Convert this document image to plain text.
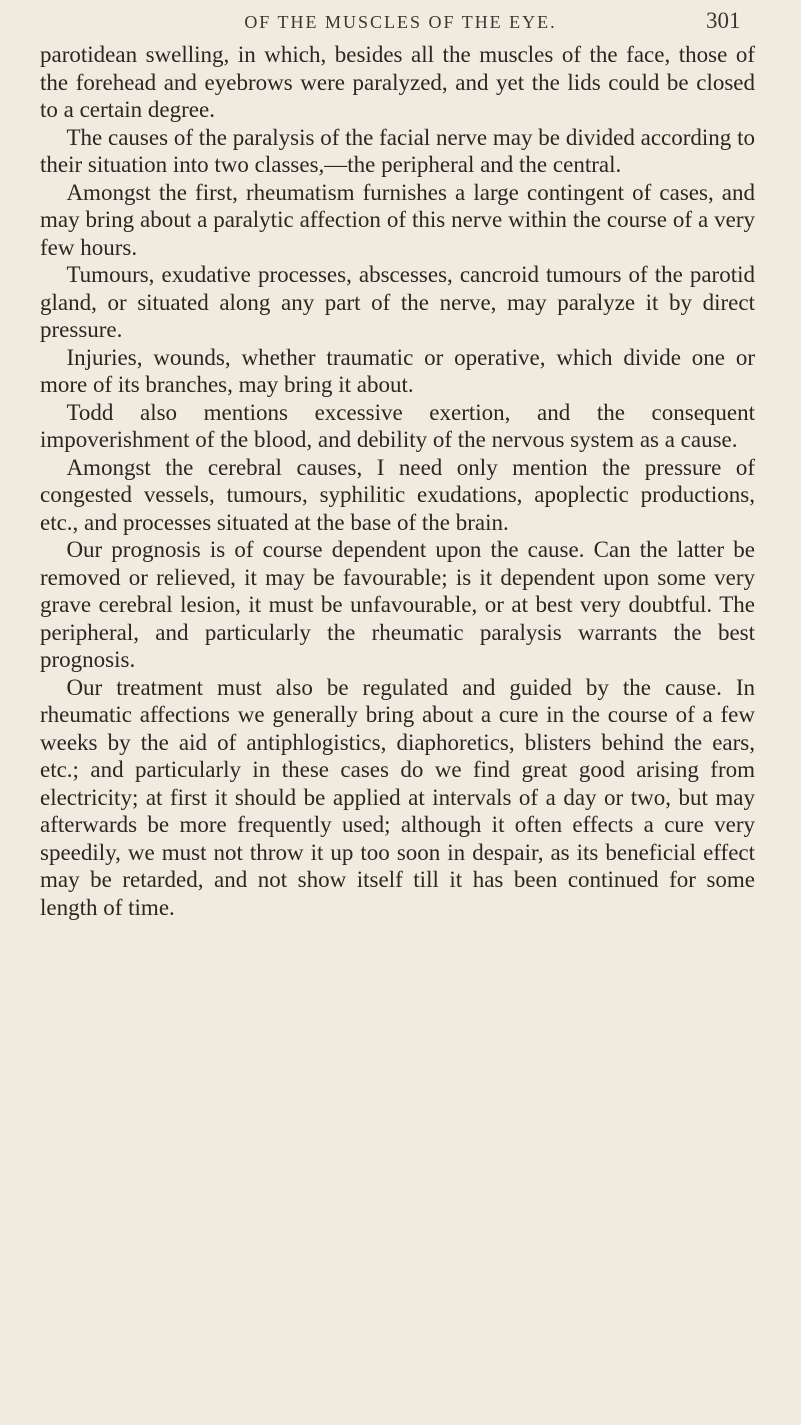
OF THE MUSCLES OF THE EYE.	301

parotidean swelling, in which, besides all the muscles of the face, those of the forehead and eyebrows were paralyzed, and yet the lids could be closed to a certain degree.

The causes of the paralysis of the facial nerve may be divided according to their situation into two classes,—the peripheral and the central.

Amongst the first, rheumatism furnishes a large contingent of cases, and may bring about a paralytic affection of this nerve within the course of a very few hours.

Tumours, exudative processes, abscesses, cancroid tumours of the parotid gland, or situated along any part of the nerve, may paralyze it by direct pressure.

Injuries, wounds, whether traumatic or operative, which divide one or more of its branches, may bring it about.

Todd also mentions excessive exertion, and the consequent impoverishment of the blood, and debility of the nervous system as a cause.

Amongst the cerebral causes, I need only mention the pressure of congested vessels, tumours, syphilitic exudations, apoplectic productions, etc., and processes situated at the base of the brain.

Our prognosis is of course dependent upon the cause. Can the latter be removed or relieved, it may be favourable; is it dependent upon some very grave cerebral lesion, it must be unfavourable, or at best very doubtful. The peripheral, and particularly the rheumatic paralysis warrants the best prognosis.

Our treatment must also be regulated and guided by the cause. In rheumatic affections we generally bring about a cure in the course of a few weeks by the aid of antiphlogistics, diaphoretics, blisters behind the ears, etc.; and particularly in these cases do we find great good arising from electricity; at first it should be applied at intervals of a day or two, but may afterwards be more frequently used; although it often effects a cure very speedily, we must not throw it up too soon in despair, as its beneficial effect may be retarded, and not show itself till it has been continued for some length of time.
